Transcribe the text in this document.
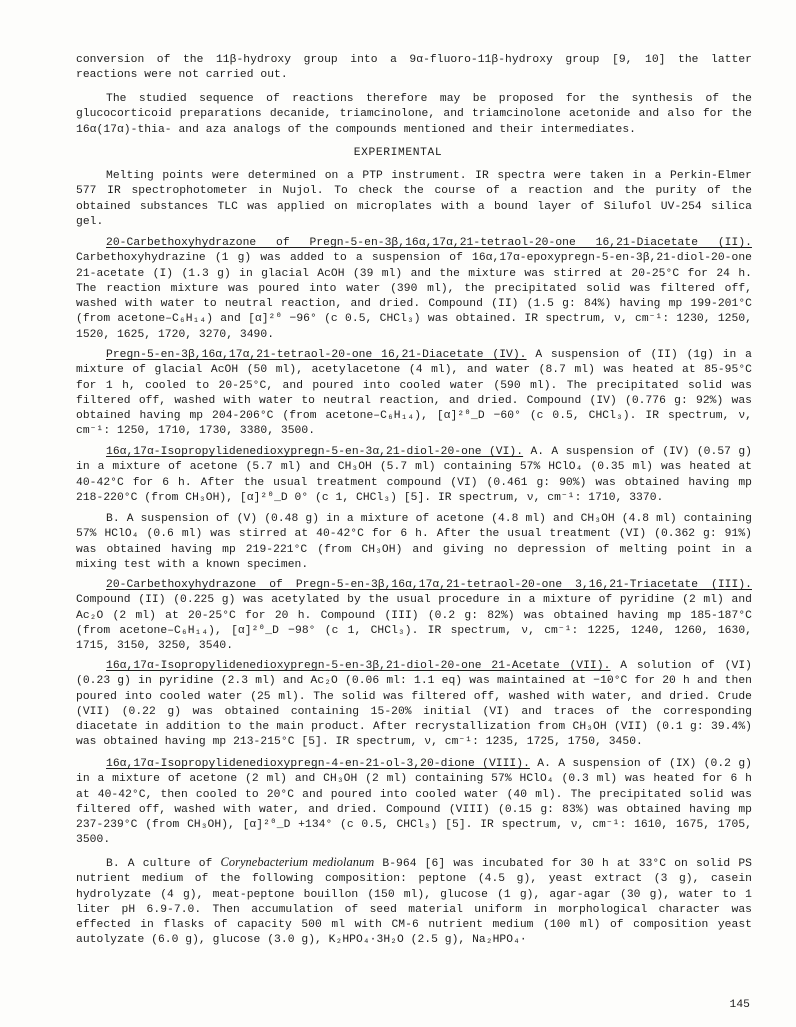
conversion of the 11β-hydroxy group into a 9α-fluoro-11β-hydroxy group [9, 10] the latter reactions were not carried out.

The studied sequence of reactions therefore may be proposed for the synthesis of the glucocorticoid preparations decanide, triamcinolone, and triamcinolone acetonide and also for the 16α(17α)-thia- and aza analogs of the compounds mentioned and their intermediates.

EXPERIMENTAL

Melting points were determined on a PTP instrument. IR spectra were taken in a Perkin-Elmer 577 IR spectrophotometer in Nujol. To check the course of a reaction and the purity of the obtained substances TLC was applied on microplates with a bound layer of Silufol UV-254 silica gel.

20-Carbethoxyhydrazone of Pregn-5-en-3β,16α,17α,21-tetraol-20-one 16,21-Diacetate (II). Carbethoxyhydrazine (1 g) was added to a suspension of 16α,17α-epoxypregn-5-en-3β,21-diol-20-one 21-acetate (I) (1.3 g) in glacial AcOH (39 ml) and the mixture was stirred at 20-25°C for 24 h. The reaction mixture was poured into water (390 ml), the precipitated solid was filtered off, washed with water to neutral reaction, and dried. Compound (II) (1.5 g: 84%) having mp 199-201°C (from acetone–C₆H₁₄) and [α]²⁰ −96° (c 0.5, CHCl₃) was obtained. IR spectrum, ν, cm⁻¹: 1230, 1250, 1520, 1625, 1720, 3270, 3490.

Pregn-5-en-3β,16α,17α,21-tetraol-20-one 16,21-Diacetate (IV). A suspension of (II) (1g) in a mixture of glacial AcOH (50 ml), acetylacetone (4 ml), and water (8.7 ml) was heated at 85-95°C for 1 h, cooled to 20-25°C, and poured into cooled water (590 ml). The precipitated solid was filtered off, washed with water to neutral reaction, and dried. Compound (IV) (0.776 g: 92%) was obtained having mp 204-206°C (from acetone–C₆H₁₄), [α]²⁰_D −60° (c 0.5, CHCl₃). IR spectrum, ν, cm⁻¹: 1250, 1710, 1730, 3380, 3500.

16α,17α-Isopropylidenedioxypregn-5-en-3α,21-diol-20-one (VI). A. A suspension of (IV) (0.57 g) in a mixture of acetone (5.7 ml) and CH₃OH (5.7 ml) containing 57% HClO₄ (0.35 ml) was heated at 40-42°C for 6 h. After the usual treatment compound (VI) (0.461 g: 90%) was obtained having mp 218-220°C (from CH₃OH), [α]²⁰_D 0° (c 1, CHCl₃) [5]. IR spectrum, ν, cm⁻¹: 1710, 3370.

B. A suspension of (V) (0.48 g) in a mixture of acetone (4.8 ml) and CH₃OH (4.8 ml) containing 57% HClO₄ (0.6 ml) was stirred at 40-42°C for 6 h. After the usual treatment (VI) (0.362 g: 91%) was obtained having mp 219-221°C (from CH₃OH) and giving no depression of melting point in a mixing test with a known specimen.

20-Carbethoxyhydrazone of Pregn-5-en-3β,16α,17α,21-tetraol-20-one 3,16,21-Triacetate (III). Compound (II) (0.225 g) was acetylated by the usual procedure in a mixture of pyridine (2 ml) and Ac₂O (2 ml) at 20-25°C for 20 h. Compound (III) (0.2 g: 82%) was obtained having mp 185-187°C (from acetone–C₆H₁₄), [α]²⁰_D −98° (c 1, CHCl₃). IR spectrum, ν, cm⁻¹: 1225, 1240, 1260, 1630, 1715, 3150, 3250, 3540.

16α,17α-Isopropylidenedioxypregn-5-en-3β,21-diol-20-one 21-Acetate (VII). A solution of (VI) (0.23 g) in pyridine (2.3 ml) and Ac₂O (0.06 ml: 1.1 eq) was maintained at −10°C for 20 h and then poured into cooled water (25 ml). The solid was filtered off, washed with water, and dried. Crude (VII) (0.22 g) was obtained containing 15-20% initial (VI) and traces of the corresponding diacetate in addition to the main product. After recrystallization from CH₃OH (VII) (0.1 g: 39.4%) was obtained having mp 213-215°C [5]. IR spectrum, ν, cm⁻¹: 1235, 1725, 1750, 3450.

16α,17α-Isopropylidenedioxypregn-4-en-21-ol-3,20-dione (VIII). A. A suspension of (IX) (0.2 g) in a mixture of acetone (2 ml) and CH₃OH (2 ml) containing 57% HClO₄ (0.3 ml) was heated for 6 h at 40-42°C, then cooled to 20°C and poured into cooled water (40 ml). The precipitated solid was filtered off, washed with water, and dried. Compound (VIII) (0.15 g: 83%) was obtained having mp 237-239°C (from CH₃OH), [α]²⁰_D +134° (c 0.5, CHCl₃) [5]. IR spectrum, ν, cm⁻¹: 1610, 1675, 1705, 3500.

B. A culture of Corynebacterium mediolanum B-964 [6] was incubated for 30 h at 33°C on solid PS nutrient medium of the following composition: peptone (4.5 g), yeast extract (3 g), casein hydrolyzate (4 g), meat-peptone bouillon (150 ml), glucose (1 g), agar-agar (30 g), water to 1 liter pH 6.9-7.0. Then accumulation of seed material uniform in morphological character was effected in flasks of capacity 500 ml with CM-6 nutrient medium (100 ml) of composition yeast autolyzate (6.0 g), glucose (3.0 g), K₂HPO₄·3H₂O (2.5 g), Na₂HPO₄·

145
